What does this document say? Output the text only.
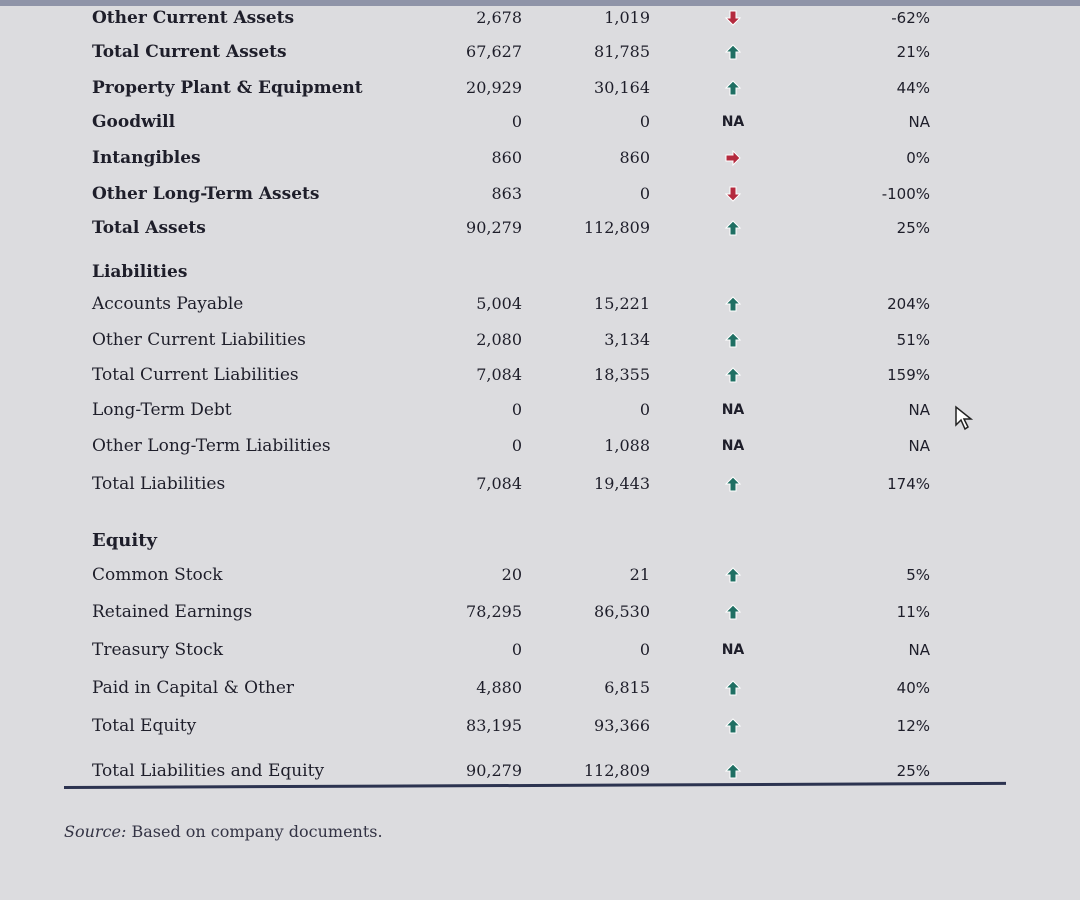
Other Current Assets	2,678	1,019	-62%
Total Current Assets	67,627	81,785	21%
Property Plant & Equipment	20,929	30,164	44%
Goodwill	0	0	NA	NA
Intangibles	860	860	0%
Other Long-Term Assets	863	0	-100%
Total Assets	90,279	112,809	25%
Liabilities
Accounts Payable	5,004	15,221	204%
Other Current Liabilities	2,080	3,134	51%
Total Current Liabilities	7,084	18,355	159%
Long-Term Debt	0	0	NA	NA
Other Long-Term Liabilities	0	1,088	NA	NA
Total Liabilities	7,084	19,443	174%
Equity
Common Stock	20	21	5%
Retained Earnings	78,295	86,530	11%
Treasury Stock	0	0	NA	NA
Paid in Capital & Other	4,880	6,815	40%
Total Equity	83,195	93,366	12%
Total Liabilities and Equity	90,279	112,809	25%
Source: Based on company documents.
